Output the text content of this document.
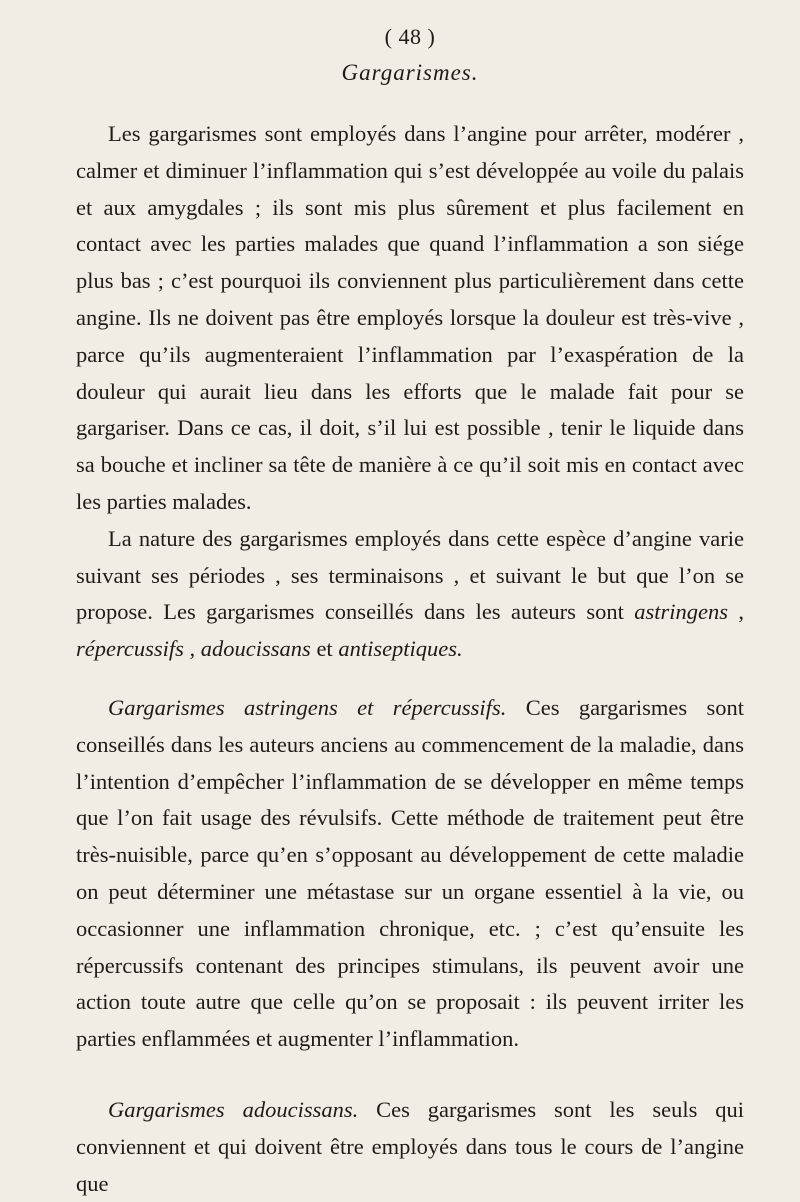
( 48 )
Gargarismes.

Les gargarismes sont employés dans l’angine pour arrêter, modérer , calmer et diminuer l’inflammation qui s’est développée au voile du palais et aux amygdales ; ils sont mis plus sûrement et plus facilement en contact avec les parties malades que quand l’inflammation a son siége plus bas ; c’est pourquoi ils conviennent plus particulièrement dans cette angine. Ils ne doivent pas être employés lorsque la douleur est très-vive , parce qu’ils augmenteraient l’inflammation par l’exaspération de la douleur qui aurait lieu dans les efforts que le malade fait pour se gargariser. Dans ce cas, il doit, s’il lui est possible , tenir le liquide dans sa bouche et incliner sa tête de manière à ce qu’il soit mis en contact avec les parties malades.

La nature des gargarismes employés dans cette espèce d’angine varie suivant ses périodes , ses terminaisons , et suivant le but que l’on se propose. Les gargarismes conseillés dans les auteurs sont astringens , répercussifs , adoucissans et antiseptiques.

Gargarismes astringens et répercussifs. Ces gargarismes sont conseillés dans les auteurs anciens au commencement de la maladie, dans l’intention d’empêcher l’inflammation de se développer en même temps que l’on fait usage des révulsifs. Cette méthode de traitement peut être très-nuisible, parce qu’en s’opposant au développement de cette maladie on peut déterminer une métastase sur un organe essentiel à la vie, ou occasionner une inflammation chronique, etc. ; c’est qu’ensuite les répercussifs contenant des principes stimulans, ils peuvent avoir une action toute autre que celle qu’on se proposait : ils peuvent irriter les parties enflammées et augmenter l’inflammation.

Gargarismes adoucissans. Ces gargarismes sont les seuls qui conviennent et qui doivent être employés dans tous le cours de l’angine que
